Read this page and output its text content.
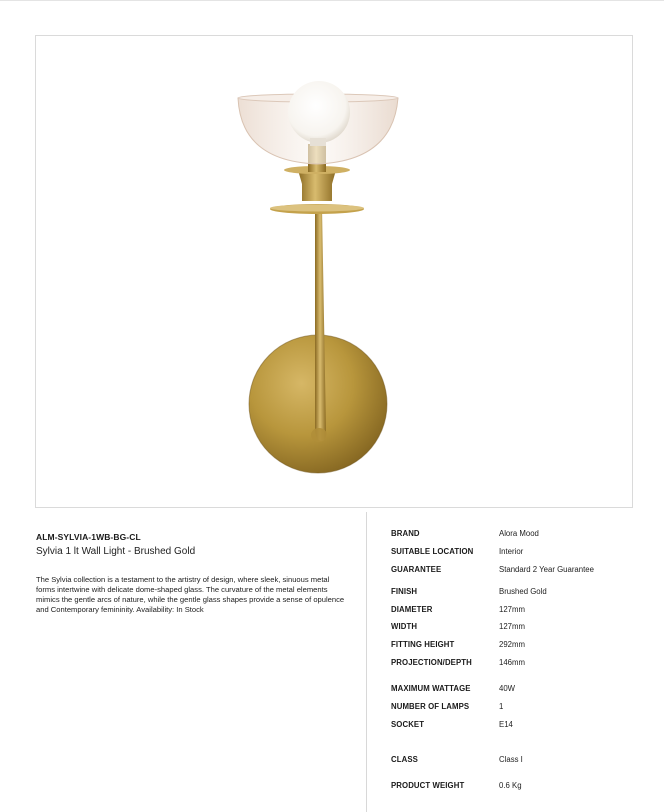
ALM-SYLVIA-1WB-BG-CL
Sylvia 1 lt Wall Light - Brushed Gold
The Sylvia collection is a testament to the artistry of design, where sleek, sinuous metal forms intertwine with delicate dome-shaped glass. The curvature of the metal elements mimics the gentle arcs of nature, while the gentle glass shapes provide a sense of opulence and Contemporary femininity. Availability: In Stock
BRAND	Alora Mood
SUITABLE LOCATION	Interior
GUARANTEE	Standard 2 Year Guarantee
FINISH	Brushed Gold
DIAMETER	127mm
WIDTH	127mm
FITTING HEIGHT	292mm
PROJECTION/DEPTH	146mm
MAXIMUM WATTAGE	40W
NUMBER OF LAMPS	1
SOCKET	E14
CLASS	Class I
PRODUCT WEIGHT	0.6 Kg
